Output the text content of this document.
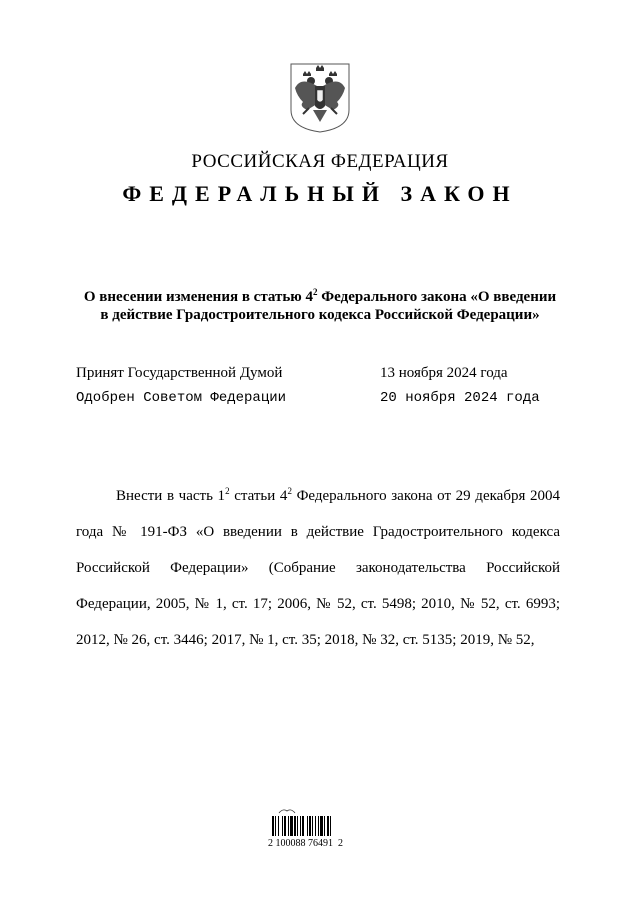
РОССИЙСКАЯ ФЕДЕРАЦИЯ
ФЕДЕРАЛЬНЫЙ ЗАКОН
О внесении изменения в статью $4^2$ Федерального закона «О введении
в действие Градостроительного кодекса Российской Федерации»
Принят Государственной Думой	13 ноября 2024 года
Одобрен Советом Федерации	20 ноября 2024 года
Внести в часть $1^2$ статьи $4^2$ Федерального закона от 29 декабря 2004 года № 191-ФЗ «О введении в действие Градостроительного кодекса Российской Федерации» (Собрание законодательства Российской Федерации, 2005, № 1, ст. 17; 2006, № 52, ст. 5498; 2010, № 52, ст. 6993; 2012, № 26, ст. 3446; 2017, № 1, ст. 35; 2018, № 32, ст. 5135; 2019, № 52,
2 100088 76491  2
